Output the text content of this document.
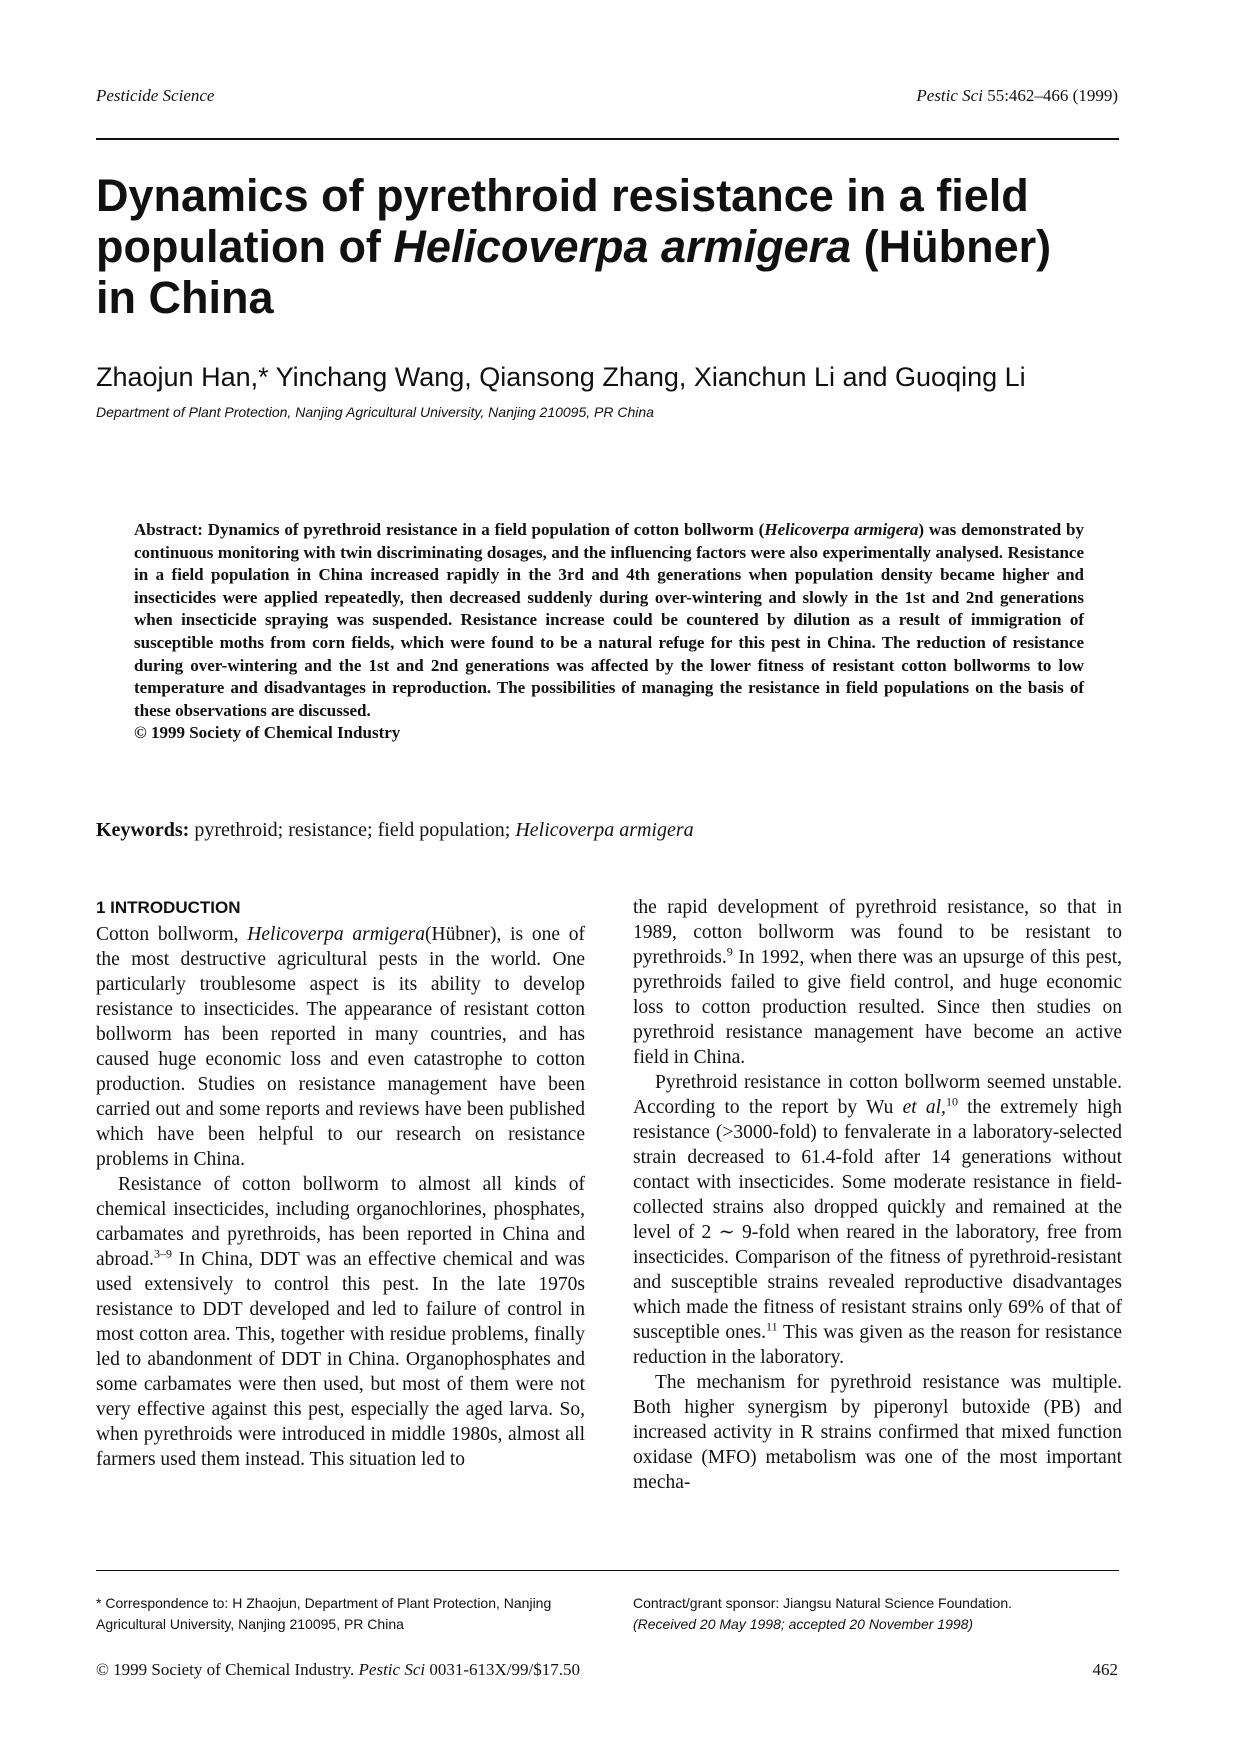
Pesticide Science	Pestic Sci 55:462–466 (1999)
Dynamics of pyrethroid resistance in a field population of Helicoverpa armigera (Hübner) in China
Zhaojun Han,* Yinchang Wang, Qiansong Zhang, Xianchun Li and Guoqing Li
Department of Plant Protection, Nanjing Agricultural University, Nanjing 210095, PR China

Abstract: Dynamics of pyrethroid resistance in a field population of cotton bollworm (Helicoverpa armigera) was demonstrated by continuous monitoring with twin discriminating dosages, and the influencing factors were also experimentally analysed. Resistance in a field population in China increased rapidly in the 3rd and 4th generations when population density became higher and insecticides were applied repeatedly, then decreased suddenly during over-wintering and slowly in the 1st and 2nd generations when insecticide spraying was suspended. Resistance increase could be countered by dilution as a result of immigration of susceptible moths from corn fields, which were found to be a natural refuge for this pest in China. The reduction of resistance during over-wintering and the 1st and 2nd generations was affected by the lower fitness of resistant cotton bollworms to low temperature and disadvantages in reproduction. The possibilities of managing the resistance in field populations on the basis of these observations are discussed.
© 1999 Society of Chemical Industry

Keywords: pyrethroid; resistance; field population; Helicoverpa armigera
1 INTRODUCTION

Cotton bollworm, Helicoverpa armigera(Hübner), is one of the most destructive agricultural pests in the world. One particularly troublesome aspect is its ability to develop resistance to insecticides. The appearance of resistant cotton bollworm has been reported in many countries, and has caused huge economic loss and even catastrophe to cotton production. Studies on resistance management have been carried out and some reports and reviews have been published which have been helpful to our research on resistance problems in China.

Resistance of cotton bollworm to almost all kinds of chemical insecticides, including organochlorines, phosphates, carbamates and pyrethroids, has been reported in China and abroad.$^{3-9}$ In China, DDT was an effective chemical and was used extensively to control this pest. In the late 1970s resistance to DDT developed and led to failure of control in most cotton area. This, together with residue problems, finally led to abandonment of DDT in China. Organophosphates and some carbamates were then used, but most of them were not very effective against this pest, especially the aged larva. So, when pyrethroids were introduced in middle 1980s, almost all farmers used them instead. This situation led to

the rapid development of pyrethroid resistance, so that in 1989, cotton bollworm was found to be resistant to pyrethroids.$^9$ In 1992, when there was an upsurge of this pest, pyrethroids failed to give field control, and huge economic loss to cotton production resulted. Since then studies on pyrethroid resistance management have become an active field in China.

Pyrethroid resistance in cotton bollworm seemed unstable. According to the report by Wu et al,$^{10}$ the extremely high resistance (>3000-fold) to fenvalerate in a laboratory-selected strain decreased to 61.4-fold after 14 generations without contact with insecticides. Some moderate resistance in field-collected strains also dropped quickly and remained at the level of 2 ∼ 9-fold when reared in the laboratory, free from insecticides. Comparison of the fitness of pyrethroid-resistant and susceptible strains revealed reproductive disadvantages which made the fitness of resistant strains only 69% of that of susceptible ones.$^{11}$ This was given as the reason for resistance reduction in the laboratory.

The mechanism for pyrethroid resistance was multiple. Both higher synergism by piperonyl butoxide (PB) and increased activity in R strains confirmed that mixed function oxidase (MFO) metabolism was one of the most important mecha-

* Correspondence to: H Zhaojun, Department of Plant Protection, Nanjing Agricultural University, Nanjing 210095, PR China
Contract/grant sponsor: Jiangsu Natural Science Foundation.
(Received 20 May 1998; accepted 20 November 1998)
© 1999 Society of Chemical Industry. Pestic Sci 0031-613X/99/$17.50	462
